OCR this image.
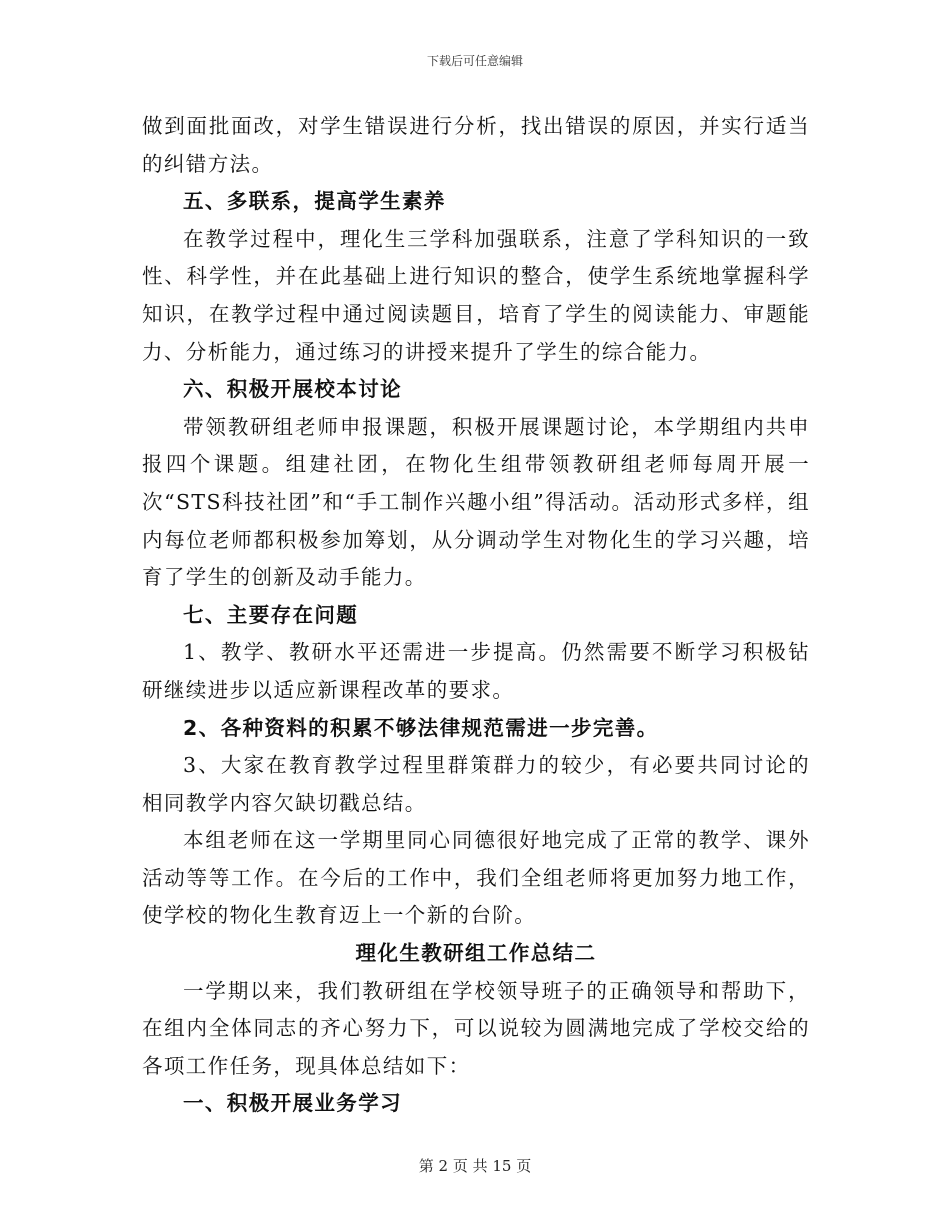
下载后可任意编辑

做到面批面改，对学生错误进行分析，找出错误的原因，并实行适当的纠错方法。

五、多联系，提高学生素养

在教学过程中，理化生三学科加强联系，注意了学科知识的一致性、科学性，并在此基础上进行知识的整合，使学生系统地掌握科学知识，在教学过程中通过阅读题目，培育了学生的阅读能力、审题能力、分析能力，通过练习的讲授来提升了学生的综合能力。

六、积极开展校本讨论

带领教研组老师申报课题，积极开展课题讨论，本学期组内共申报四个课题。组建社团，在物化生组带领教研组老师每周开展一次“STS科技社团”和“手工制作兴趣小组”得活动。活动形式多样，组内每位老师都积极参加筹划，从分调动学生对物化生的学习兴趣，培育了学生的创新及动手能力。

七、主要存在问题

1、教学、教研水平还需进一步提高。仍然需要不断学习积极钻研继续进步以适应新课程改革的要求。

2、各种资料的积累不够法律规范需进一步完善。

3、大家在教育教学过程里群策群力的较少，有必要共同讨论的相同教学内容欠缺切戳总结。

本组老师在这一学期里同心同德很好地完成了正常的教学、课外活动等等工作。在今后的工作中，我们全组老师将更加努力地工作，使学校的物化生教育迈上一个新的台阶。

理化生教研组工作总结二

一学期以来，我们教研组在学校领导班子的正确领导和帮助下，在组内全体同志的齐心努力下，可以说较为圆满地完成了学校交给的各项工作任务，现具体总结如下：

一、积极开展业务学习

第 2 页 共 15 页
